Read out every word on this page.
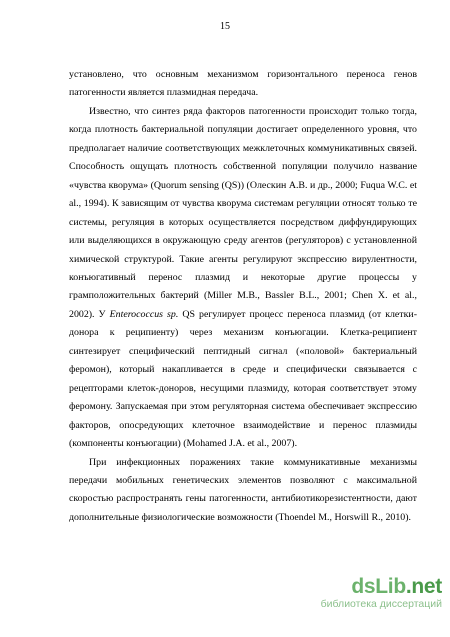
15

установлено, что основным механизмом горизонтального переноса генов патогенности является плазмидная передача.

Известно, что синтез ряда факторов патогенности происходит только тогда, когда плотность бактериальной популяции достигает определенного уровня, что предполагает наличие соответствующих межклеточных коммуникативных связей. Способность ощущать плотность собственной популяции получило название «чувства кворума» (Quorum sensing (QS)) (Олескин А.В. и др., 2000; Fuqua W.C. et al., 1994). К зависящим от чувства кворума системам регуляции относят только те системы, регуляция в которых осуществляется посредством диффундирующих или выделяющихся в окружающую среду агентов (регуляторов) с установленной химической структурой. Такие агенты регулируют экспрессию вирулентности, конъюгативный перенос плазмид и некоторые другие процессы у грамположительных бактерий (Miller M.B., Bassler B.L., 2001; Chen X. et al., 2002). У Enterococcus sp. QS регулирует процесс переноса плазмид (от клетки-донора к реципиенту) через механизм конъюгации. Клетка-реципиент синтезирует специфический пептидный сигнал («половой» бактериальный феромон), который накапливается в среде и специфически связывается с рецепторами клеток-доноров, несущими плазмиду, которая соответствует этому феромону. Запускаемая при этом регуляторная система обеспечивает экспрессию факторов, опосредующих клеточное взаимодействие и перенос плазмиды (компоненты конъюгации) (Mohamed J.A. et al., 2007).

При инфекционных поражениях такие коммуникативные механизмы передачи мобильных генетических элементов позволяют с максимальной скоростью распространять гены патогенности, антибиотикорезистентности, дают дополнительные физиологические возможности (Thoendel M., Horswill R., 2010).

dsLib.net
библиотека диссертаций
